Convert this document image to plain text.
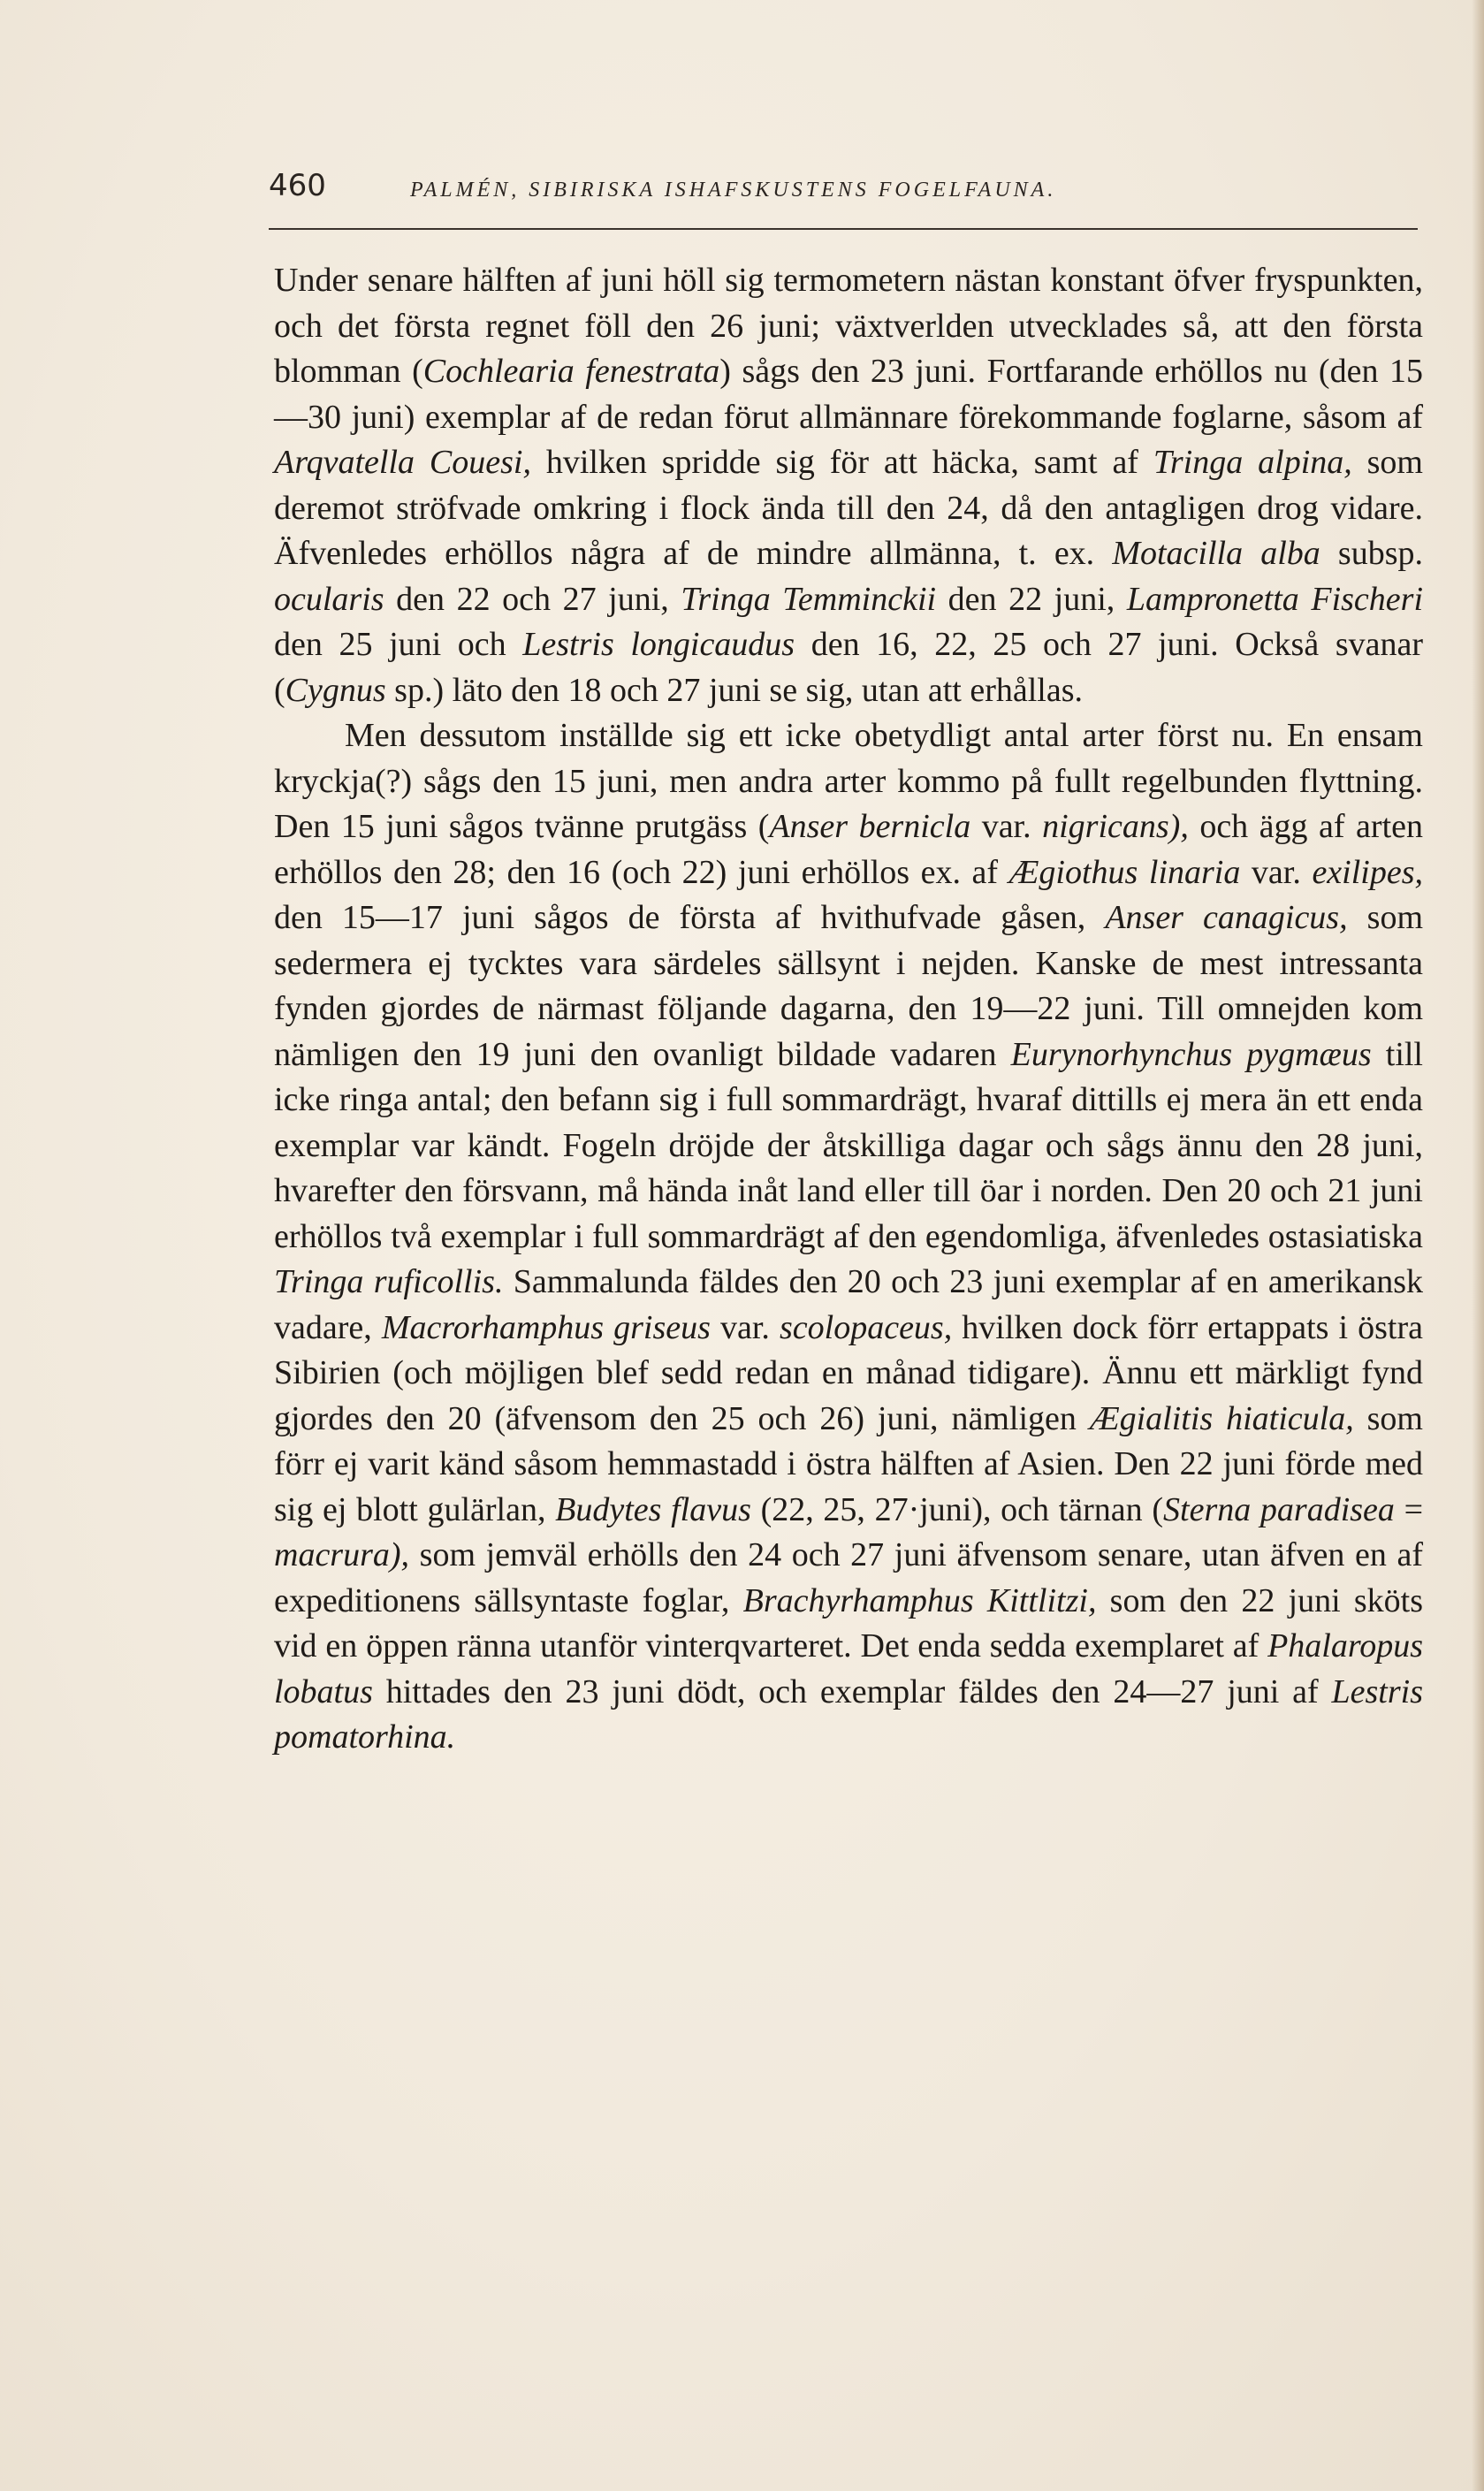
460	PALMÉN, SIBIRISKA ISHAFSKUSTENS FOGELFAUNA.

Under senare hälften af juni höll sig termometern nästan konstant öfver fryspunkten, och det första regnet föll den 26 juni; växtverlden utvecklades så, att den första blomman (Cochlearia fenestrata) sågs den 23 juni. Fortfarande erhöllos nu (den 15—30 juni) exemplar af de redan förut allmännare förekommande foglarne, såsom af Arqvatella Couesi, hvilken spridde sig för att häcka, samt af Tringa alpina, som deremot ströfvade omkring i flock ända till den 24, då den antagligen drog vidare. Äfvenledes erhöllos några af de mindre allmänna, t. ex. Motacilla alba subsp. ocularis den 22 och 27 juni, Tringa Temminckii den 22 juni, Lampronetta Fischeri den 25 juni och Lestris longicaudus den 16, 22, 25 och 27 juni. Också svanar (Cygnus sp.) läto den 18 och 27 juni se sig, utan att erhållas.

Men dessutom inställde sig ett icke obetydligt antal arter först nu. En ensam kryckja(?) sågs den 15 juni, men andra arter kommo på fullt regelbunden flyttning. Den 15 juni sågos tvänne prutgäss (Anser bernicla var. nigricans), och ägg af arten erhöllos den 28; den 16 (och 22) juni erhöllos ex. af Ægiothus linaria var. exilipes, den 15—17 juni sågos de första af hvithufvade gåsen, Anser canagicus, som sedermera ej tycktes vara särdeles sällsynt i nejden. Kanske de mest intressanta fynden gjordes de närmast följande dagarna, den 19—22 juni. Till omnejden kom nämligen den 19 juni den ovanligt bildade vadaren Eurynorhynchus pygmæus till icke ringa antal; den befann sig i full sommardrägt, hvaraf dittills ej mera än ett enda exemplar var kändt. Fogeln dröjde der åtskilliga dagar och sågs ännu den 28 juni, hvarefter den försvann, må hända inåt land eller till öar i norden. Den 20 och 21 juni erhöllos två exemplar i full sommardrägt af den egendomliga, äfvenledes ostasiatiska Tringa ruficollis. Sammalunda fäldes den 20 och 23 juni exemplar af en amerikansk vadare, Macrorhamphus griseus var. scolopaceus, hvilken dock förr ertappats i östra Sibirien (och möjligen blef sedd redan en månad tidigare). Ännu ett märkligt fynd gjordes den 20 (äfvensom den 25 och 26) juni, nämligen Ægialitis hiaticula, som förr ej varit känd såsom hemmastadd i östra hälften af Asien. Den 22 juni förde med sig ej blott gulärlan, Budytes flavus (22, 25, 27·juni), och tärnan (Sterna paradisea = macrura), som jemväl erhölls den 24 och 27 juni äfvensom senare, utan äfven en af expeditionens sällsyntaste foglar, Brachyrhamphus Kittlitzi, som den 22 juni sköts vid en öppen ränna utanför vinterqvarteret. Det enda sedda exemplaret af Phalaropus lobatus hittades den 23 juni dödt, och exemplar fäldes den 24—27 juni af Lestris pomatorhina.
